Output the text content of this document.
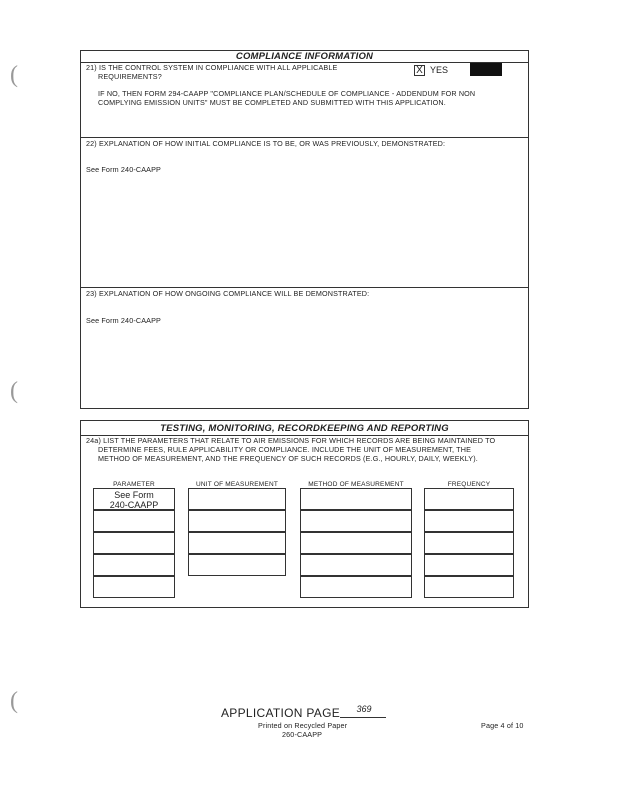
(
(
(
COMPLIANCE INFORMATION
21) IS THE CONTROL SYSTEM IN COMPLIANCE WITH ALL APPLICABLE
REQUIREMENTS?
X YES
IF NO, THEN FORM 294-CAAPP "COMPLIANCE PLAN/SCHEDULE OF COMPLIANCE - ADDENDUM FOR NON
COMPLYING EMISSION UNITS" MUST BE COMPLETED AND SUBMITTED WITH THIS APPLICATION.
22) EXPLANATION OF HOW INITIAL COMPLIANCE IS TO BE, OR WAS PREVIOUSLY, DEMONSTRATED:
See Form 240-CAAPP
23) EXPLANATION OF HOW ONGOING COMPLIANCE WILL BE DEMONSTRATED:
See Form 240-CAAPP
TESTING, MONITORING, RECORDKEEPING AND REPORTING
24a) LIST THE PARAMETERS THAT RELATE TO AIR EMISSIONS FOR WHICH RECORDS ARE BEING MAINTAINED TO
DETERMINE FEES, RULE APPLICABILITY OR COMPLIANCE. INCLUDE THE UNIT OF MEASUREMENT, THE
METHOD OF MEASUREMENT, AND THE FREQUENCY OF SUCH RECORDS (E.G., HOURLY, DAILY, WEEKLY).
PARAMETER	UNIT OF MEASUREMENT	METHOD OF MEASUREMENT	FREQUENCY
See Form
240-CAAPP
APPLICATION PAGE	369
Printed on Recycled Paper
260-CAAPP
Page 4 of 10
